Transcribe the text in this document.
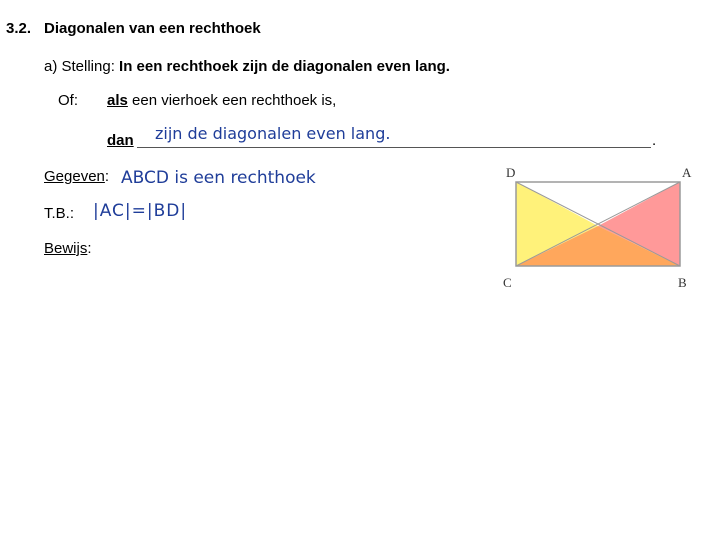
3.2. Diagonalen van een rechthoek
a) Stelling: In een rechthoek zijn de diagonalen even lang.
Of: als een vierhoek een rechthoek is,
dan	.
zijn de diagonalen even lang.
Gegeven: ABCD is een rechthoek
T.B.: |AC|=|BD|
Bewijs:
D	A
C	B
